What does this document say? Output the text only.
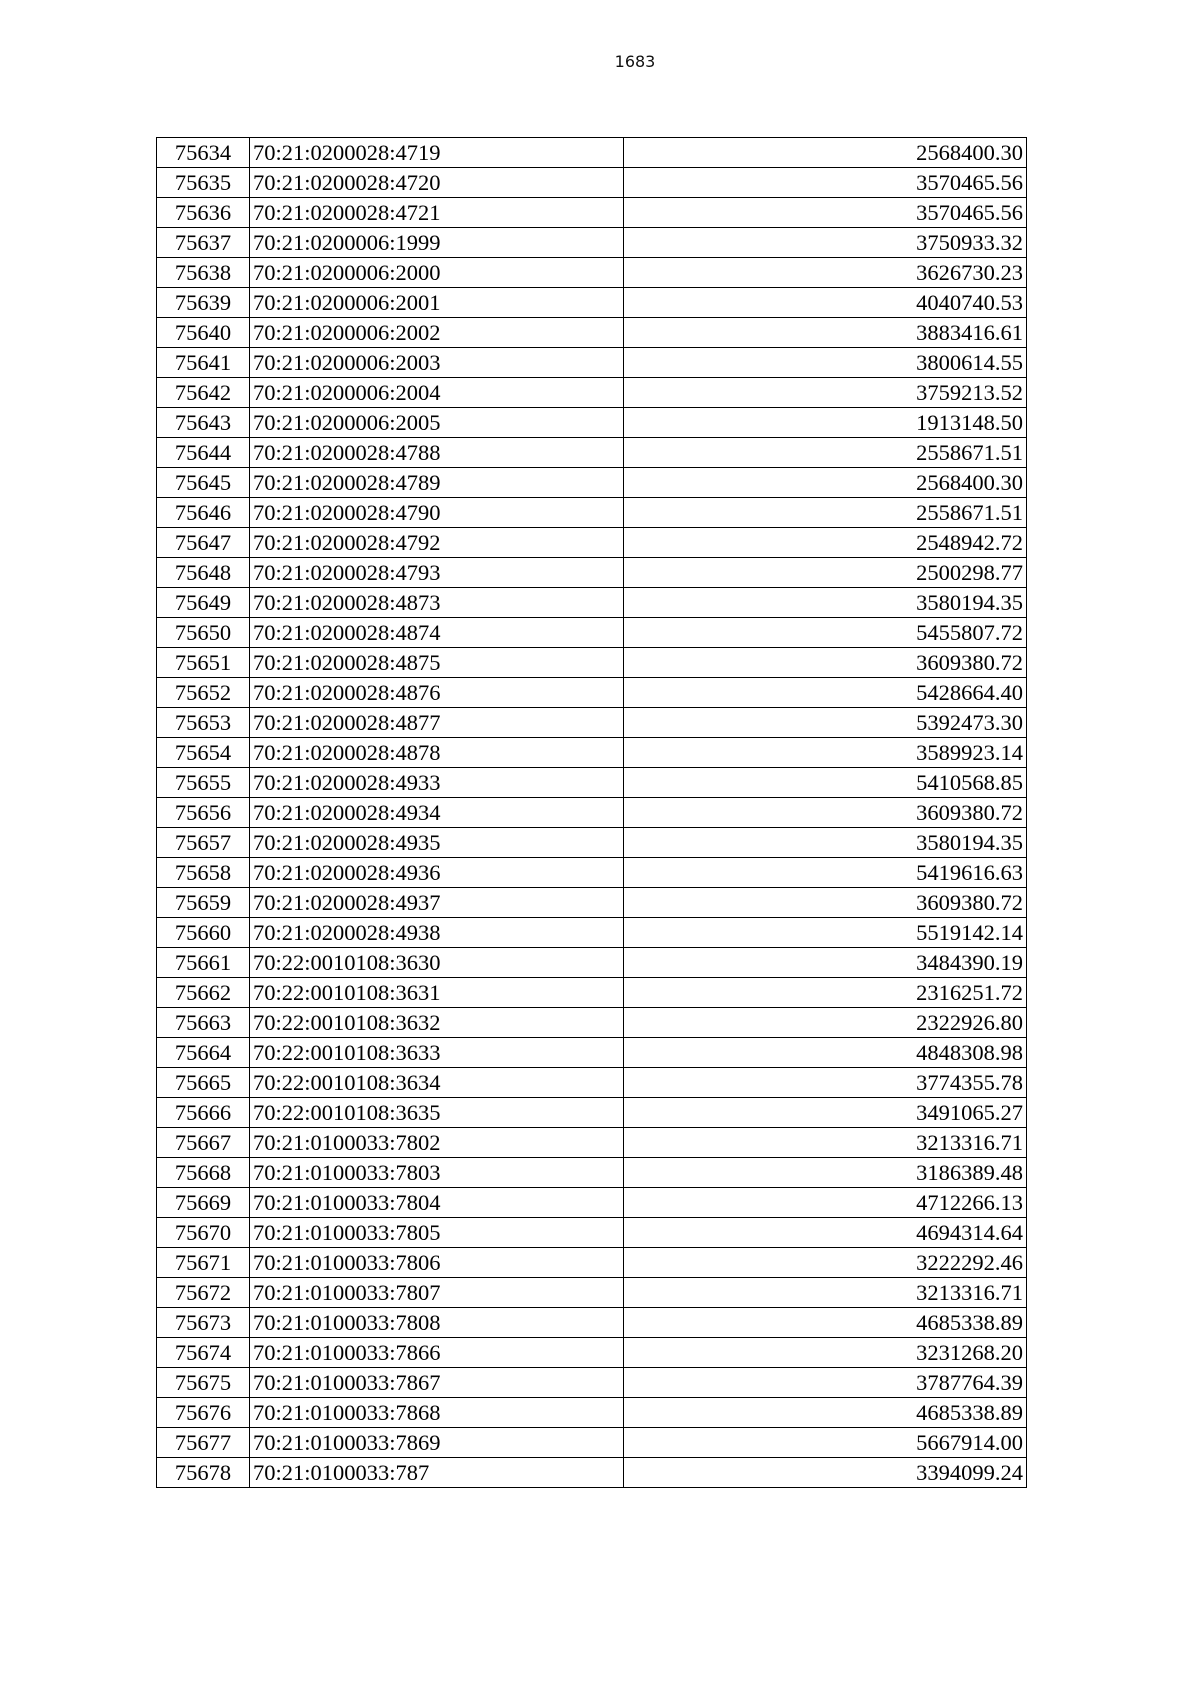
1683
75634	70:21:0200028:4719	2568400.30
75635	70:21:0200028:4720	3570465.56
75636	70:21:0200028:4721	3570465.56
75637	70:21:0200006:1999	3750933.32
75638	70:21:0200006:2000	3626730.23
75639	70:21:0200006:2001	4040740.53
75640	70:21:0200006:2002	3883416.61
75641	70:21:0200006:2003	3800614.55
75642	70:21:0200006:2004	3759213.52
75643	70:21:0200006:2005	1913148.50
75644	70:21:0200028:4788	2558671.51
75645	70:21:0200028:4789	2568400.30
75646	70:21:0200028:4790	2558671.51
75647	70:21:0200028:4792	2548942.72
75648	70:21:0200028:4793	2500298.77
75649	70:21:0200028:4873	3580194.35
75650	70:21:0200028:4874	5455807.72
75651	70:21:0200028:4875	3609380.72
75652	70:21:0200028:4876	5428664.40
75653	70:21:0200028:4877	5392473.30
75654	70:21:0200028:4878	3589923.14
75655	70:21:0200028:4933	5410568.85
75656	70:21:0200028:4934	3609380.72
75657	70:21:0200028:4935	3580194.35
75658	70:21:0200028:4936	5419616.63
75659	70:21:0200028:4937	3609380.72
75660	70:21:0200028:4938	5519142.14
75661	70:22:0010108:3630	3484390.19
75662	70:22:0010108:3631	2316251.72
75663	70:22:0010108:3632	2322926.80
75664	70:22:0010108:3633	4848308.98
75665	70:22:0010108:3634	3774355.78
75666	70:22:0010108:3635	3491065.27
75667	70:21:0100033:7802	3213316.71
75668	70:21:0100033:7803	3186389.48
75669	70:21:0100033:7804	4712266.13
75670	70:21:0100033:7805	4694314.64
75671	70:21:0100033:7806	3222292.46
75672	70:21:0100033:7807	3213316.71
75673	70:21:0100033:7808	4685338.89
75674	70:21:0100033:7866	3231268.20
75675	70:21:0100033:7867	3787764.39
75676	70:21:0100033:7868	4685338.89
75677	70:21:0100033:7869	5667914.00
75678	70:21:0100033:787	3394099.24
